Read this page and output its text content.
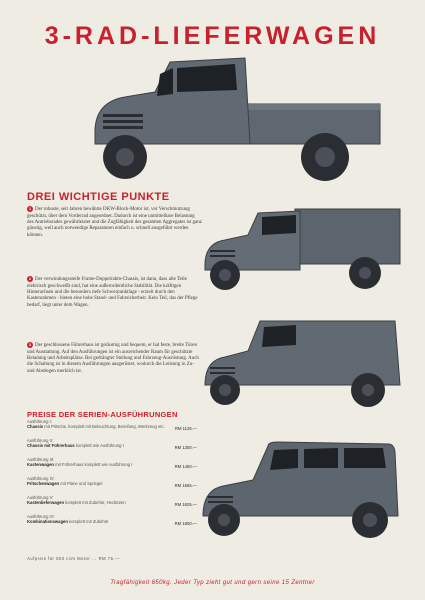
3-RAD-LIEFERWAGEN
DREI WICHTIGE PUNKTE
1 Der robuste, seit Jahren bewährte DKW-Block-Motor ist, vor Verschmutzung geschützt, über dem Vorderrad angeordnet. Dadurch ist eine unmittelbare Belastung des Antriebsrades gewährleistet und die Zugfähigkeit des gesamten Aggregates ist ganz günstig, weil auch notwendige Reparaturen einfach u. schnell ausgeführt werden können.
2 Der verwindungssteife Frame-Doppelrahm-Chassis, ist dann, dass alle Teile elektrisch geschweißt sind, hat eine außerordentliche Stabilität. Die kräftigen Hinterachsen und die besonders tiefe Schwerpunktlage - erzielt durch den Kastenrahmen - bieten eine hohe Stand- und Fahrsicherheit. Kein Teil, das der Pflege bedarf, liegt unter dem Wagen.
3 Der geschlossene Führerhaus ist geräumig und bequem, er hat feste, breite Türen und Ausstattung. Auf den Ausführungen ist ein ausreichender Raum für geschützte Beladung und Arbeitsplätze. Bei gedrängter Stellung und Fahrzeug-Ausrüstung. Auch die Schaltung ist in diesem Ausführungen ausgerüstet, wodurch die Leistung in Zu- und Abstiegen merklich ist.
PREISE DER SERIEN-AUSFÜHRUNGEN
Ausführung I:
Chassis mit Pritsche, komplett mit Beleuchtung, Bereifung, Werkzeug etc. RM 1125.—
Ausführung II:
Chassis mit Führerhaus komplett wie Ausführung I	RM 1300.—
Ausführung III:
Kastenwagen mit Führerhaus komplett wie Ausführung I	RM 1450.—
Ausführung IV:
Pritschenwagen mit Plane und Spriegel	RM 1565.—
Ausführung V:
Kastenlieferwagen komplett mit Zubehör, Hecktüren	RM 1625.—
Ausführung VI:
Kombinationswagen komplett mit Zubehör	RM 1800.—
Aufpreis für 500 ccm Motor ... RM 75.—
Tragfähigkeit 650kg. Jeder Typ zieht gut und gern seine 15 Zentner
